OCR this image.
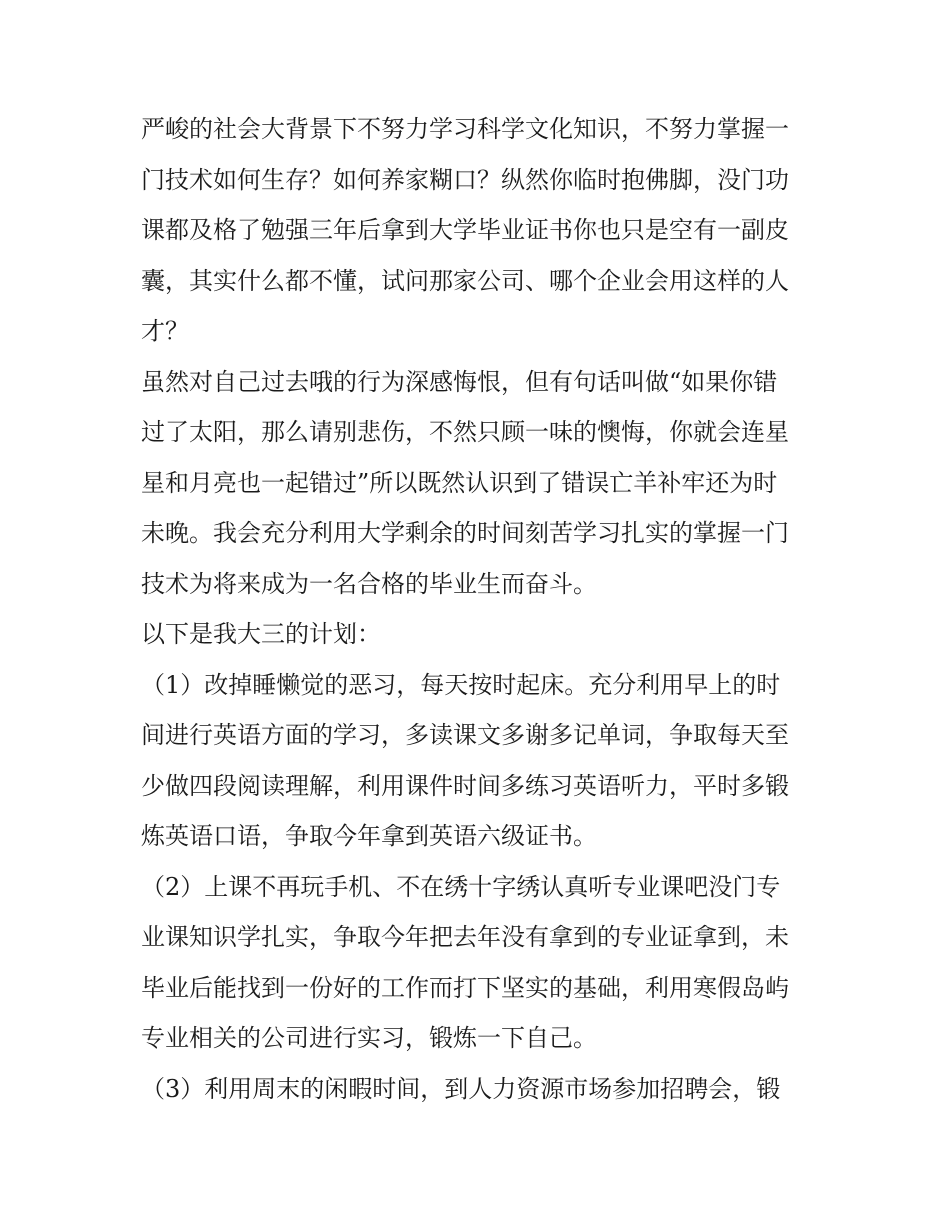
严峻的社会大背景下不努力学习科学文化知识，不努力掌握一
门技术如何生存？如何养家糊口？纵然你临时抱佛脚，没门功
课都及格了勉强三年后拿到大学毕业证书你也只是空有一副皮
囊，其实什么都不懂，试问那家公司、哪个企业会用这样的人
才？
虽然对自己过去哦的行为深感悔恨，但有句话叫做“如果你错
过了太阳，那么请别悲伤，不然只顾一味的懊悔，你就会连星
星和月亮也一起错过”所以既然认识到了错误亡羊补牢还为时
未晚。我会充分利用大学剩余的时间刻苦学习扎实的掌握一门
技术为将来成为一名合格的毕业生而奋斗。
以下是我大三的计划：
（1）改掉睡懒觉的恶习，每天按时起床。充分利用早上的时
间进行英语方面的学习，多读课文多谢多记单词，争取每天至
少做四段阅读理解，利用课件时间多练习英语听力，平时多锻
炼英语口语，争取今年拿到英语六级证书。
（2）上课不再玩手机、不在绣十字绣认真听专业课吧没门专
业课知识学扎实，争取今年把去年没有拿到的专业证拿到，未
毕业后能找到一份好的工作而打下坚实的基础，利用寒假岛屿
专业相关的公司进行实习，锻炼一下自己。
（3）利用周末的闲暇时间，到人力资源市场参加招聘会，锻
